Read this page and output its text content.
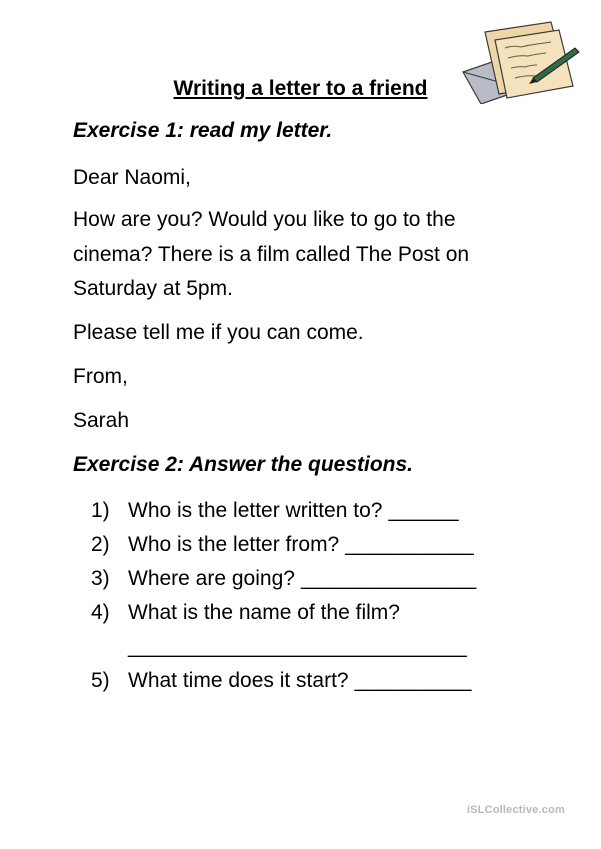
Writing a letter to a friend
Exercise 1: read my letter.
Dear Naomi,
How are you? Would you like to go to the
cinema? There is a film called The Post on
Saturday at 5pm.
Please tell me if you can come.
From,
Sarah
Exercise 2: Answer the questions.
1) Who is the letter written to? ______
2) Who is the letter from? ___________
3) Where are going? _______________
4) What is the name of the film?
_____________________________
5) What time does it start? __________
iSLCollective.com
